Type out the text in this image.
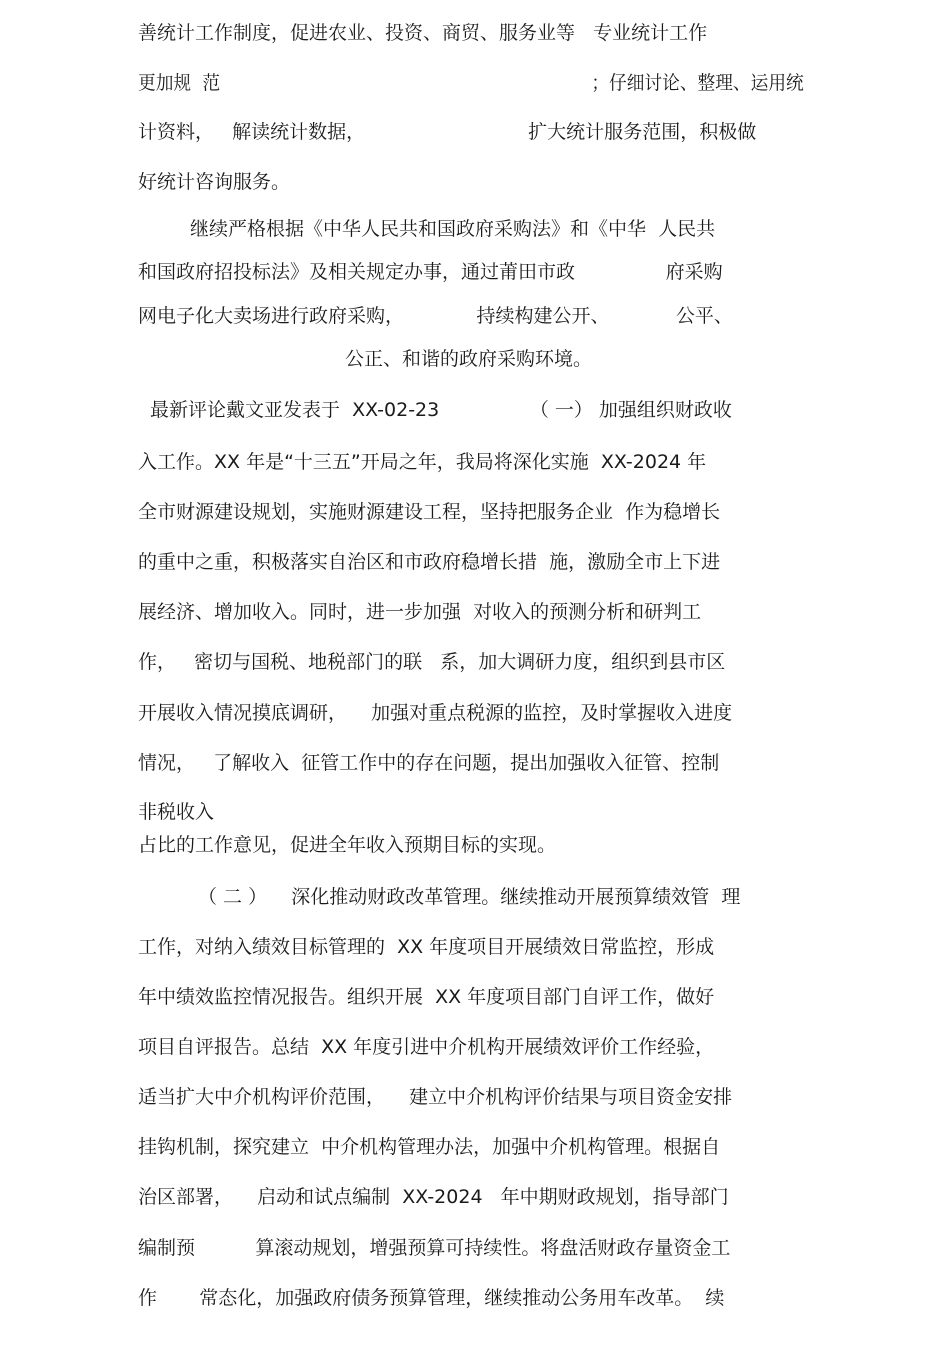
善统计工作制度，促进农业、投资、商贸、服务业等   专业统计工作
更加规  范                                                                  ；仔细讨论、整理、运用统
计资料，   解读统计数据，                           扩大统计服务范围，积极做
好统计咨询服务。
继续严格根据《中华人民共和国政府采购法》和《中华  人民共
和国政府招投标法》及相关规定办事，通过莆田市政               府采购
网电子化大卖场进行政府采购，            持续构建公开、           公平、
公正、和谐的政府采购环境。
最新评论戴文亚发表于  XX-02-23               （ 一） 加强组织财政收
入工作。XX 年是“十三五”开局之年，我局将深化实施  XX-2024 年
全市财源建设规划，实施财源建设工程，坚持把服务企业  作为稳增长
的重中之重，积极落实自治区和市政府稳增长措  施，激励全市上下进
展经济、增加收入。同时，进一步加强  对收入的预测分析和研判工
作，   密切与国税、地税部门的联   系，加大调研力度，组织到县市区
开展收入情况摸底调研，    加强对重点税源的监控，及时掌握收入进度
情况，   了解收入  征管工作中的存在问题，提出加强收入征管、控制
非税收入
占比的工作意见，促进全年收入预期目标的实现。
（ 二 ）    深化推动财政改革管理。继续推动开展预算绩效管  理
工作，对纳入绩效目标管理的  XX 年度项目开展绩效日常监控，形成
年中绩效监控情况报告。组织开展  XX 年度项目部门自评工作，做好
项目自评报告。总结  XX 年度引进中介机构开展绩效评价工作经验，
适当扩大中介机构评价范围，    建立中介机构评价结果与项目资金安排
挂钩机制，探究建立  中介机构管理办法，加强中介机构管理。根据自
治区部署，    启动和试点编制  XX-2024   年中期财政规划，指导部门
编制预          算滚动规划，增强预算可持续性。将盘活财政存量资金工
作       常态化，加强政府债务预算管理，继续推动公务用车改革。  续
